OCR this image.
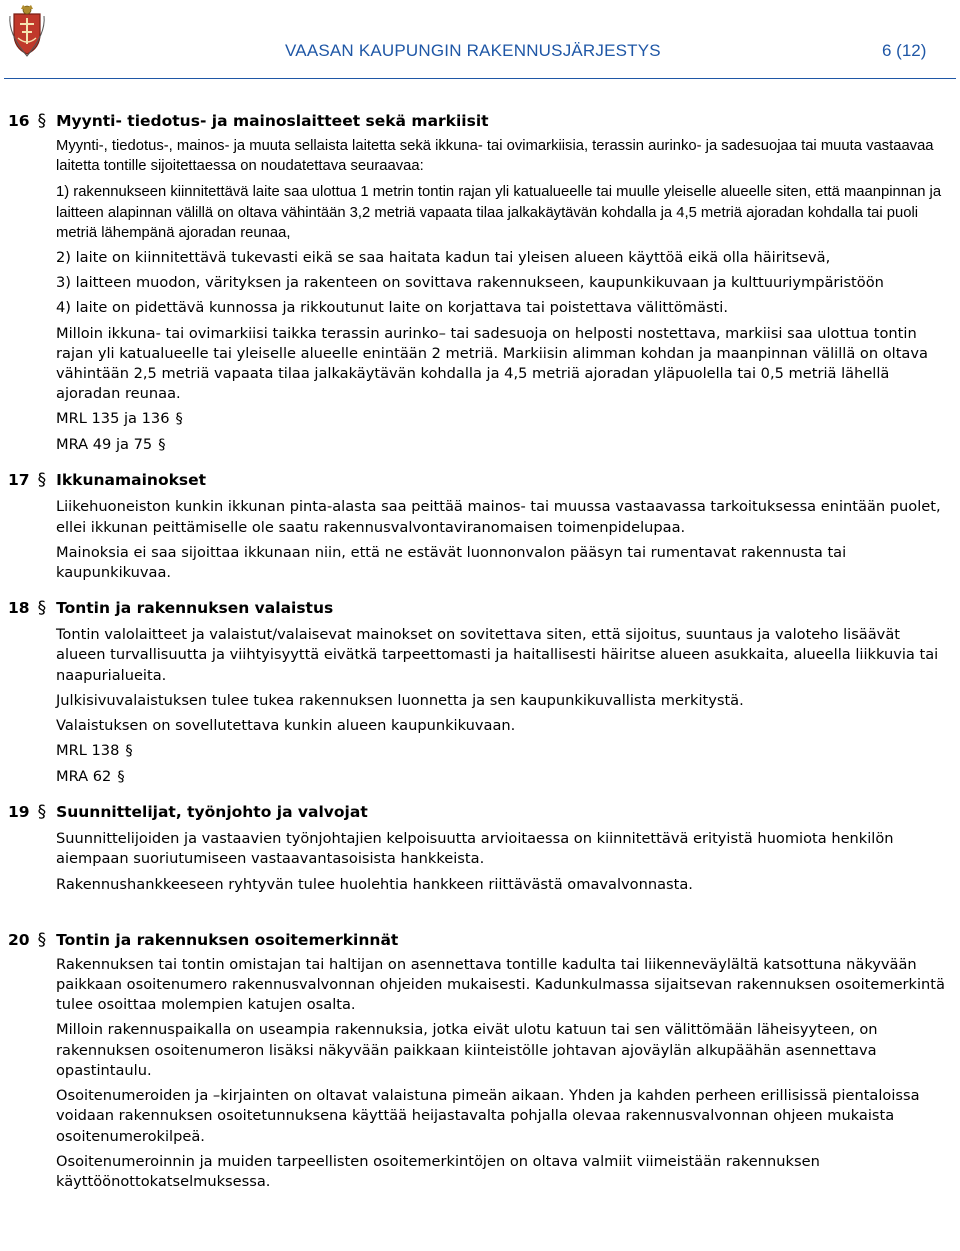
VAASAN KAUPUNGIN RAKENNUSJÄRJESTYS	6 (12)
16 § Myynti- tiedotus- ja mainoslaitteet sekä markiisit

Myynti-, tiedotus-, mainos- ja muuta sellaista laitetta sekä ikkuna- tai ovimarkiisia, terassin aurinko- ja sadesuojaa tai muuta vastaavaa laitetta tontille sijoitettaessa on noudatettava seuraavaa:

1) rakennukseen kiinnitettävä laite saa ulottua 1 metrin tontin rajan yli katualueelle tai muulle yleiselle alueelle siten, että maanpinnan ja laitteen alapinnan välillä on oltava vähintään 3,2 metriä vapaata tilaa jalkakäytävän kohdalla ja 4,5 metriä ajoradan kohdalla tai puoli metriä lähempänä ajoradan reunaa,

2) laite on kiinnitettävä tukevasti eikä se saa haitata kadun tai yleisen alueen käyttöä eikä olla häiritsevä,

3) laitteen muodon, värityksen ja rakenteen on sovittava rakennukseen, kaupunkikuvaan ja kulttuuriympäristöön

4) laite on pidettävä kunnossa ja rikkoutunut laite on korjattava tai poistettava välittömästi.

Milloin ikkuna- tai ovimarkiisi taikka terassin aurinko– tai sadesuoja on helposti nostettava, markiisi saa ulottua tontin rajan yli katualueelle tai yleiselle alueelle enintään 2 metriä. Markiisin alimman kohdan ja maanpinnan välillä on oltava vähintään 2,5 metriä vapaata tilaa jalkakäytävän kohdalla ja 4,5 metriä ajoradan yläpuolella tai 0,5 metriä lähellä ajoradan reunaa.

MRL 135 ja 136 §

MRA 49 ja 75 §

17 § Ikkunamainokset

Liikehuoneiston kunkin ikkunan pinta-alasta saa peittää mainos- tai muussa vastaavassa tarkoituksessa enintään puolet, ellei ikkunan peittämiselle ole saatu rakennusvalvontaviranomaisen toimenpidelupaa.

Mainoksia ei saa sijoittaa ikkunaan niin, että ne estävät luonnonvalon pääsyn tai rumentavat rakennusta tai kaupunkikuvaa.

18 § Tontin ja rakennuksen valaistus

Tontin valolaitteet ja valaistut/valaisevat mainokset on sovitettava siten, että sijoitus, suuntaus ja valoteho lisäävät alueen turvallisuutta ja viihtyisyyttä eivätkä tarpeettomasti ja haitallisesti häiritse alueen asukkaita, alueella liikkuvia tai naapurialueita.

Julkisivuvalaistuksen tulee tukea rakennuksen luonnetta ja sen kaupunkikuvallista merkitystä.

Valaistuksen on sovellutettava kunkin alueen kaupunkikuvaan.

MRL 138 §

MRA 62 §

19 § Suunnittelijat, työnjohto ja valvojat

Suunnittelijoiden ja vastaavien työnjohtajien kelpoisuutta arvioitaessa on kiinnitettävä erityistä huomiota henkilön aiempaan suoriutumiseen vastaavantasoisista hankkeista.

Rakennushankkeeseen ryhtyvän tulee huolehtia hankkeen riittävästä omavalvonnasta.

20 § Tontin ja rakennuksen osoitemerkinnät

Rakennuksen tai tontin omistajan tai haltijan on asennettava tontille kadulta tai liikenneväylältä katsottuna näkyvään paikkaan osoitenumero rakennusvalvonnan ohjeiden mukaisesti. Kadunkulmassa sijaitsevan rakennuksen osoitemerkintä tulee osoittaa molempien katujen osalta.

Milloin rakennuspaikalla on useampia rakennuksia, jotka eivät ulotu katuun tai sen välittömään läheisyyteen, on rakennuksen osoitenumeron lisäksi näkyvään paikkaan kiinteistölle johtavan ajoväylän alkupäähän asennettava opastintaulu.

Osoitenumeroiden ja –kirjainten on oltavat valaistuna pimeän aikaan. Yhden ja kahden perheen erillisissä pientaloissa voidaan rakennuksen osoitetunnuksena käyttää heijastavalta pohjalla olevaa rakennusvalvonnan ohjeen mukaista osoitenumerokilpeä.

Osoitenumeroinnin ja muiden tarpeellisten osoitemerkintöjen on oltava valmiit viimeistään rakennuksen käyttöönottokatselmuksessa.
